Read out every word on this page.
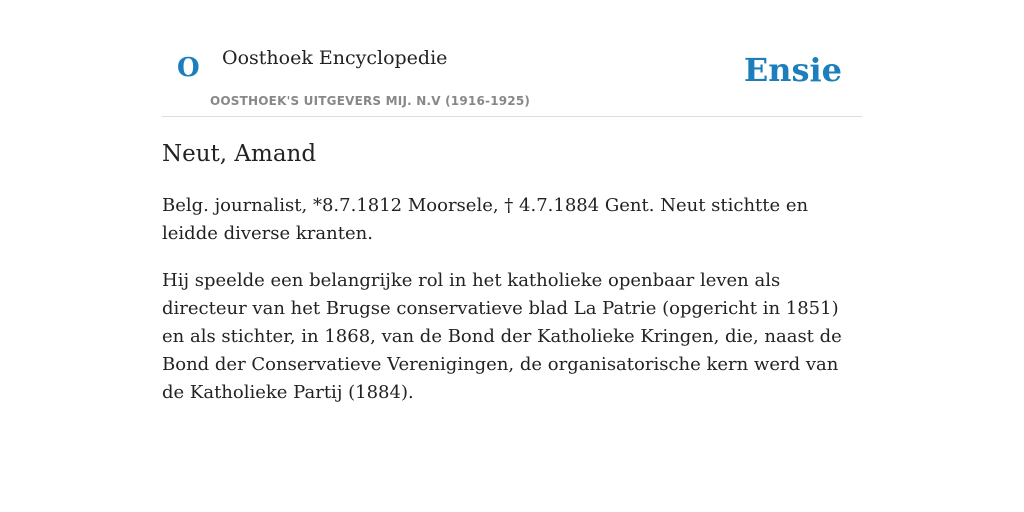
O Oosthoek Encyclopedie
OOSTHOEK'S UITGEVERS MIJ. N.V (1916-1925)
Ensie
Neut, Amand

Belg. journalist, *8.7.1812 Moorsele, † 4.7.1884 Gent. Neut stichtte en leidde diverse kranten.

Hij speelde een belangrijke rol in het katholieke openbaar leven als directeur van het Brugse conservatieve blad La Patrie (opgericht in 1851) en als stichter, in 1868, van de Bond der Katholieke Kringen, die, naast de Bond der Conservatieve Verenigingen, de organisatorische kern werd van de Katholieke Partij (1884).
